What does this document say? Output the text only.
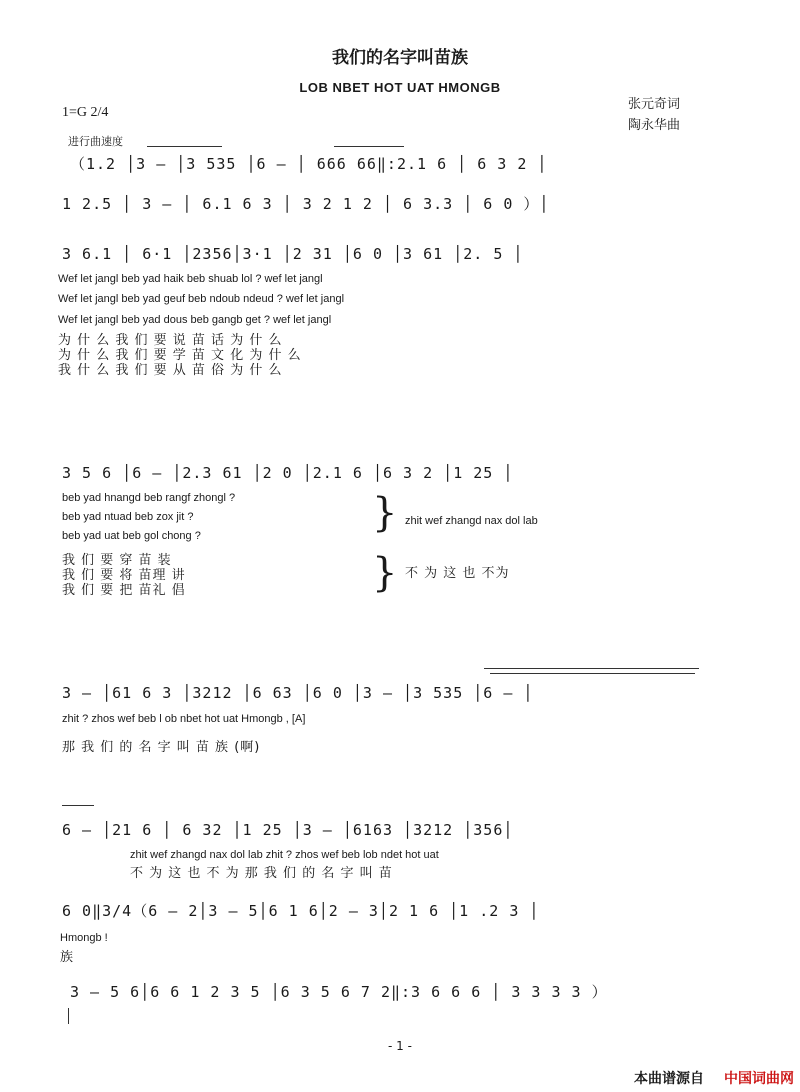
我们的名字叫苗族
LOB NBET HOT UAT HMONGB
张元奇词
陶永华曲
1=G 2/4
进行曲速度
（1.2 │3 — │3 535 │6 — │ 666 66‖:2.1 6 │ 6 3 2 │
1 2.5 │ 3 — │ 6.1 6 3 │ 3 2 1 2 │ 6 3.3 │ 6 0 ）│
3 6.1 │ 6·1 │2356│3·1 │2 31 │6 0 │3 61 │2. 5 │
Wef let jangl beb yad haik beb shuab lol ? wef let jangl
Wef let jangl beb yad geuf beb ndoub ndeud ? wef let jangl
Wef let jangl beb yad dous beb gangb get ? wef let jangl
为 什 么 我 们 要 说 苗 话 为 什 么
为 什 么 我 们 要 学 苗 文 化 为 什 么
我 什 么 我 们 要 从 苗 俗 为 什 么
3 5 6 │6 — │2.3 61 │2 0 │2.1 6 │6 3 2 │1 25 │
beb yad hnangd beb rangf zhongl ?
beb yad ntuad beb zox jit ?
beb yad uat beb gol chong ?
我 们 要 穿 苗 装
我 们 要 将 苗理 讲
我 们 要 把 苗礼 倡
}
}
zhit wef zhangd nax dol lab
不 为 这 也 不为
3 — │61 6 3 │3212 │6 63 │6 0 │3 — │3 535 │6 — │
zhit ? zhos wef beb l ob nbet hot uat Hmongb , [A]
那 我 们 的 名 字 叫 苗 族 (啊)
6 — │21 6 │ 6 32 │1 25 │3 — │6163 │3212 │356│
zhit wef zhangd nax dol lab zhit ? zhos wef beb lob ndet hot uat
不 为 这 也 不 为 那 我 们 的 名 字 叫 苗
6 0‖3/4（6 — 2│3 — 5│6 1 6│2 — 3│2 1 6 │1 .2 3 │
Hmongb !
族
3 — 5 6│6 6 1 2 3 5 │6 3 5 6 7 2‖:3 6 6 6 │ 3 3 3 3 ）
- 1 -
本曲谱源自 中国词曲网
